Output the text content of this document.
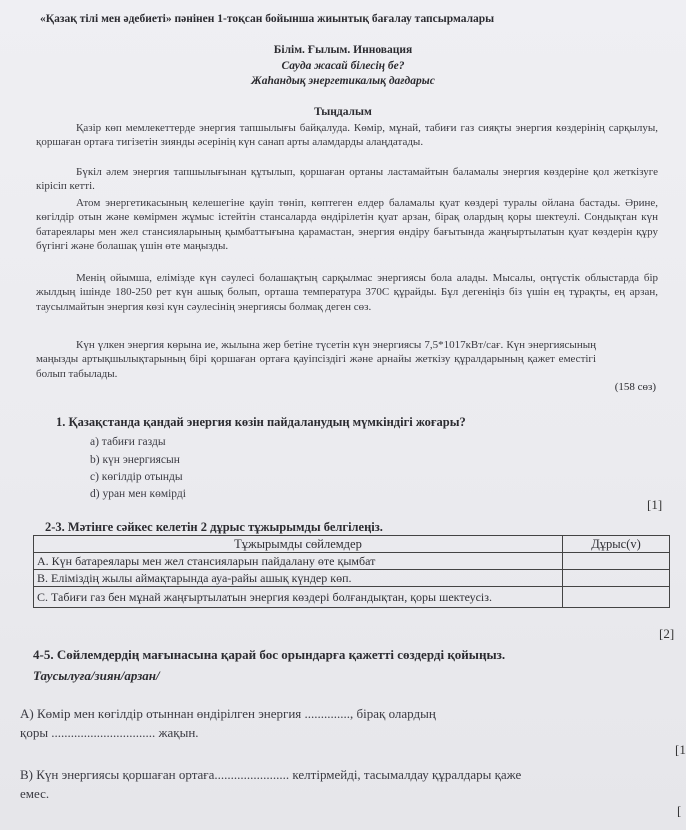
«Қазақ тілі мен әдебиеті» пәнінен 1-тоқсан бойынша жиынтық бағалау тапсырмалары
Білім. Ғылым. Инновация
Сауда жасай білесің бе?
Жаһандық энергетикалық дағдарыс
Тыңдалым
Қазір көп мемлекеттерде энергия тапшылығы байқалуда. Көмір, мұнай, табиғи газ сияқты энергия көздерінің сарқылуы, қоршаған ортаға тигізетін зиянды әсерінің күн санап арты аламдарды алаңдатады.
Бүкіл әлем энергия тапшылығынан құтылып, қоршаған ортаны ластамайтын баламалы энергия көздеріне қол жеткізуге кірісіп кетті.
Атом энергетикасының келешегіне қауіп төніп, көптеген елдер баламалы қуат көздері туралы ойлана бастады. Әрине, көгілдір отын және көмірмен жұмыс істейтін стансаларда өндірілетін қуат арзан, бірақ олардың қоры шектеулі. Сондықтан күн батареялары мен жел стансияларының қымбаттығына қарамастан, энергия өндіру бағытында жаңғыртылатын қуат көздерін құру бүгінгі және болашақ үшін өте маңызды.
Менің ойымша, елімізде күн сәулесі болашақтың сарқылмас энергиясы бола алады. Мысалы, оңтүстік облыстарда бір жылдың ішінде 180-250 рет күн ашық болып, орташа температура 370С құрайды. Бұл дегеніңіз біз үшін ең тұрақты, ең арзан, таусылмайтын энергия көзі күн сәулесінің энергиясы болмақ деген сөз.
Күн үлкен энергия көрына ие, жылына жер бетіне түсетін күн энергиясы 7,5*1017кВт/сағ. Күн энергиясының маңызды артықшылықтарының бірі қоршаған ортаға қауіпсіздігі және арнайы жеткізу құралдарының қажет еместігі болып табылады.
(158 сөз)
1. Қазақстанда қандай энергия көзін пайдаланудың мүмкіндігі жоғары?
а) табиғи газды
b) күн энергиясын
c) көгілдір отынды
d) уран мен көмірді
[1]
2-3. Мәтінге сәйкес келетін 2 дұрыс тұжырымды белгілеңіз.
Тұжырымды сөйлемдер	Дұрыс(v)
А. Күн батареялары мен жел стансияларын пайдалану өте қымбат	
В. Еліміздің жылы аймақтарында ауа-райы ашық күндер көп.	
С. Табиғи газ бен мұнай жаңғыртылатын энергия көздері болғандықтан, қоры шектеусіз.	
[2]
4-5. Сөйлемдердің мағынасына қарай бос орындарға қажетті сөздерді қойыңыз.
Таусылуға/зиян/арзан/
А) Көмір мен көгілдір отыннан өндірілген энергия .............., бірақ олардың
қоры ................................ жақын.
[1
В) Күн энергиясы қоршаған ортаға....................... келтірмейді, тасымалдау құралдары қаже
емес.
[
